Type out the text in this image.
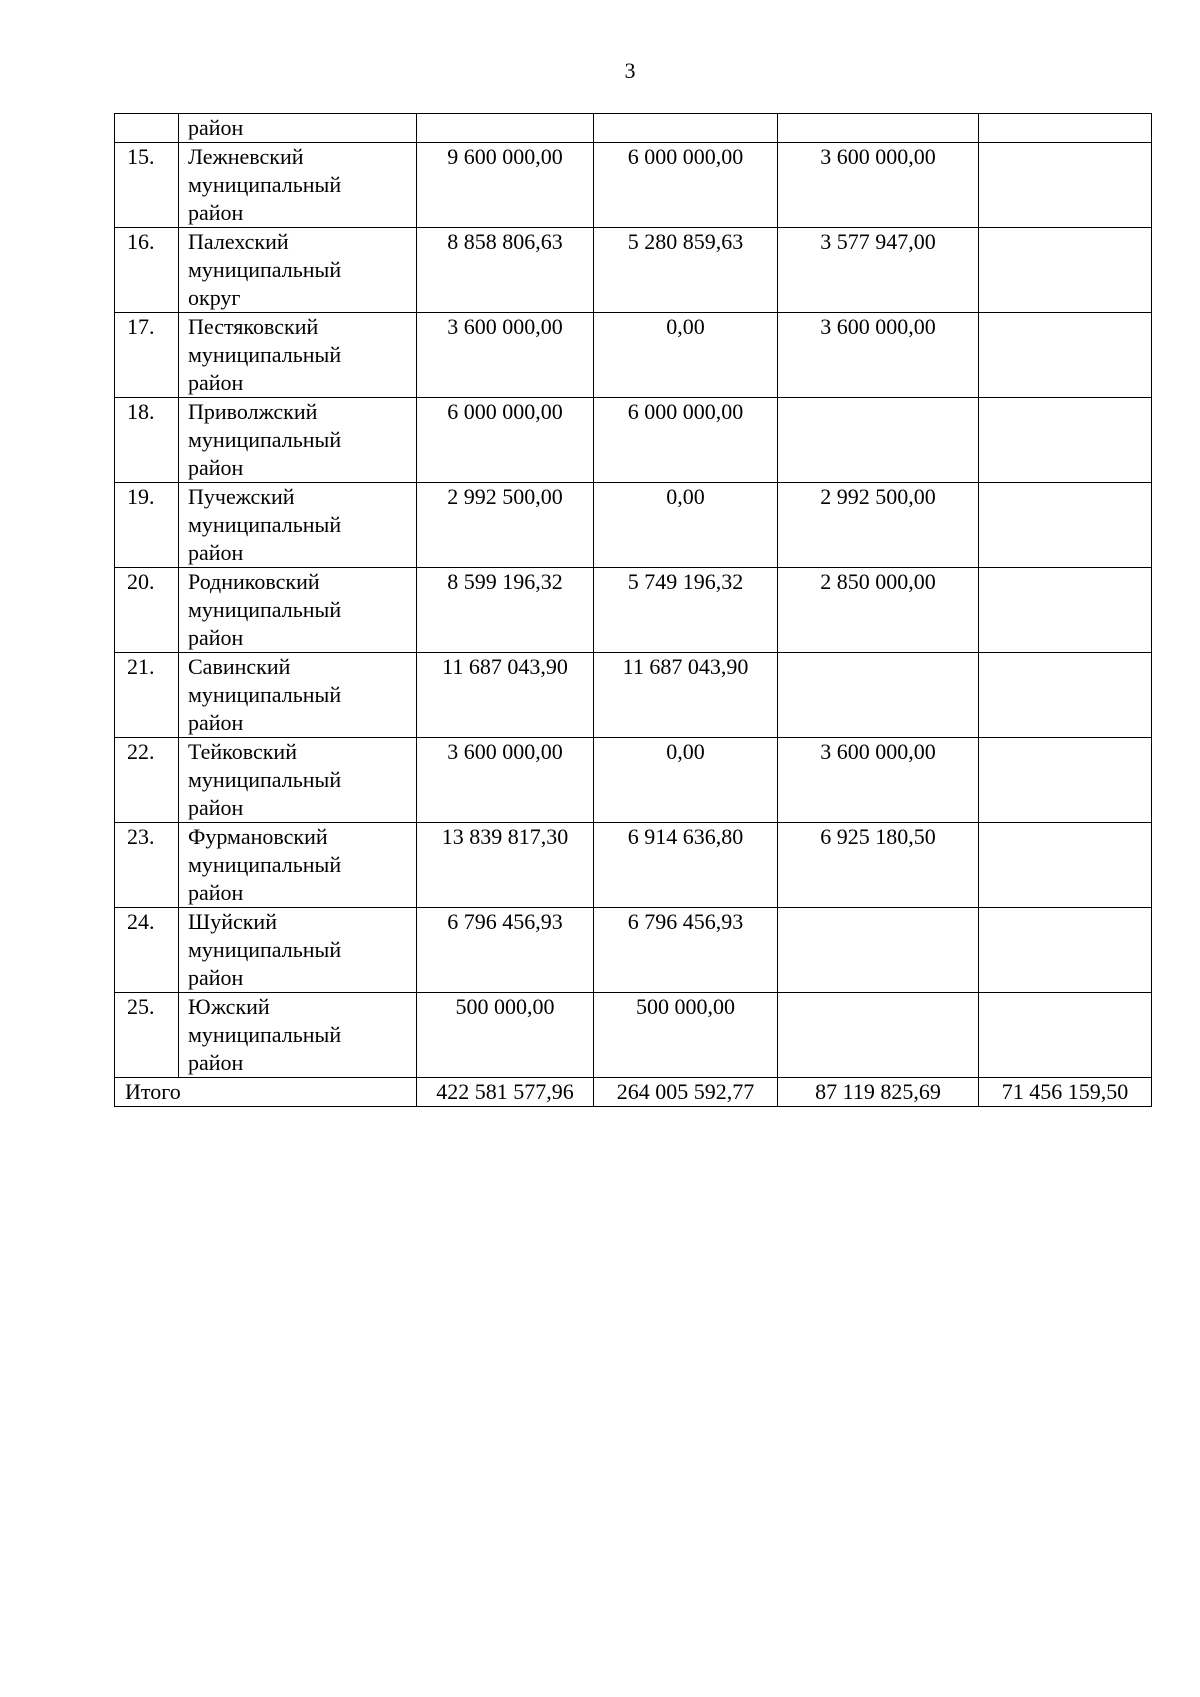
3
	район				
15.	Лежневский
муниципальный
район	9 600 000,00	6 000 000,00	3 600 000,00	
16.	Палехский
муниципальный
округ	8 858 806,63	5 280 859,63	3 577 947,00	
17.	Пестяковский
муниципальный
район	3 600 000,00	0,00	3 600 000,00	
18.	Приволжский
муниципальный
район	6 000 000,00	6 000 000,00		
19.	Пучежский
муниципальный
район	2 992 500,00	0,00	2 992 500,00	
20.	Родниковский
муниципальный
район	8 599 196,32	5 749 196,32	2 850 000,00	
21.	Савинский
муниципальный
район	11 687 043,90	11 687 043,90		
22.	Тейковский
муниципальный
район	3 600 000,00	0,00	3 600 000,00	
23.	Фурмановский
муниципальный
район	13 839 817,30	6 914 636,80	6 925 180,50	
24.	Шуйский
муниципальный
район	6 796 456,93	6 796 456,93		
25.	Южский
муниципальный
район	500 000,00	500 000,00		
Итого		422 581 577,96	264 005 592,77	87 119 825,69	71 456 159,50
